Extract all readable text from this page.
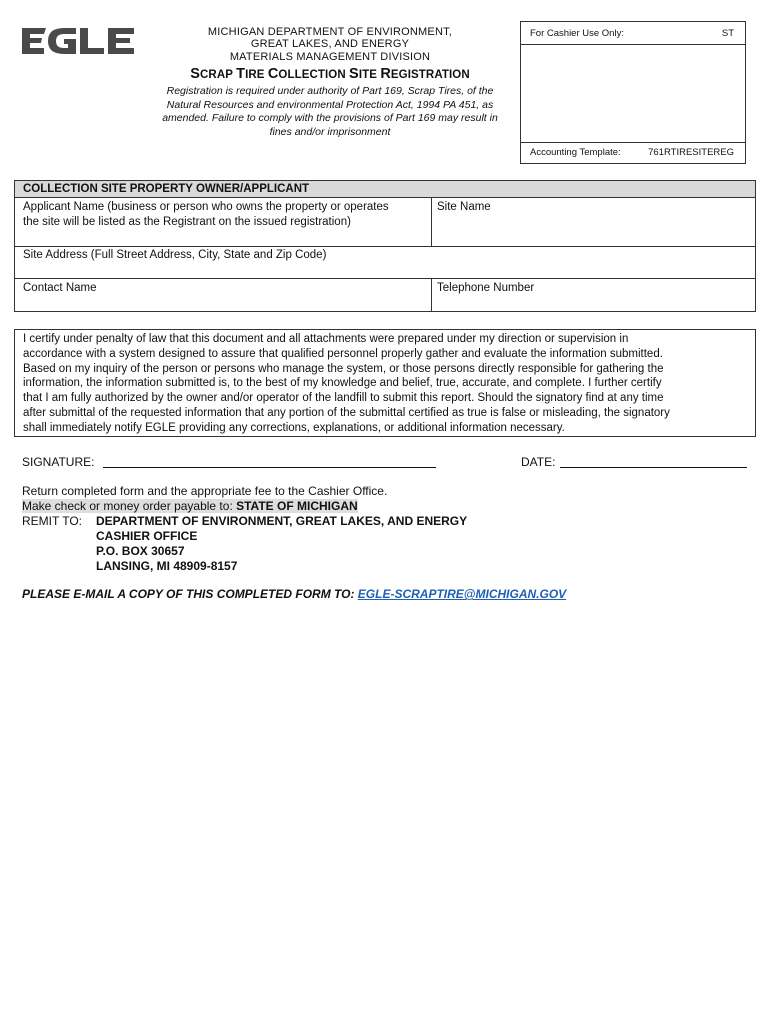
MICHIGAN DEPARTMENT OF ENVIRONMENT,
GREAT LAKES, AND ENERGY
MATERIALS MANAGEMENT DIVISION
SCRAP TIRE COLLECTION SITE REGISTRATION
Registration is required under authority of Part 169, Scrap Tires, of the
Natural Resources and environmental Protection Act, 1994 PA 451, as
amended. Failure to comply with the provisions of Part 169 may result in
fines and/or imprisonment
For Cashier Use Only:	ST
Accounting Template:	761RTIRESITEREG
COLLECTION SITE PROPERTY OWNER/APPLICANT
Applicant Name (business or person who owns the property or operates
the site will be listed as the Registrant on the issued registration)
Site Name
Site Address (Full Street Address, City, State and Zip Code)
Contact Name	Telephone Number
I certify under penalty of law that this document and all attachments were prepared under my direction or supervision in
accordance with a system designed to assure that qualified personnel properly gather and evaluate the information submitted.
Based on my inquiry of the person or persons who manage the system, or those persons directly responsible for gathering the
information, the information submitted is, to the best of my knowledge and belief, true, accurate, and complete. I further certify
that I am fully authorized by the owner and/or operator of the landfill to submit this report. Should the signatory find at any time
after submittal of the requested information that any portion of the submittal certified as true is false or misleading, the signatory
shall immediately notify EGLE providing any corrections, explanations, or additional information necessary.
SIGNATURE:	DATE:
Return completed form and the appropriate fee to the Cashier Office.
Make check or money order payable to: STATE OF MICHIGAN
REMIT TO: DEPARTMENT OF ENVIRONMENT, GREAT LAKES, AND ENERGY
CASHIER OFFICE
P.O. BOX 30657
LANSING, MI 48909-8157
PLEASE E-MAIL A COPY OF THIS COMPLETED FORM TO: EGLE-SCRAPTIRE@MICHIGAN.GOV
